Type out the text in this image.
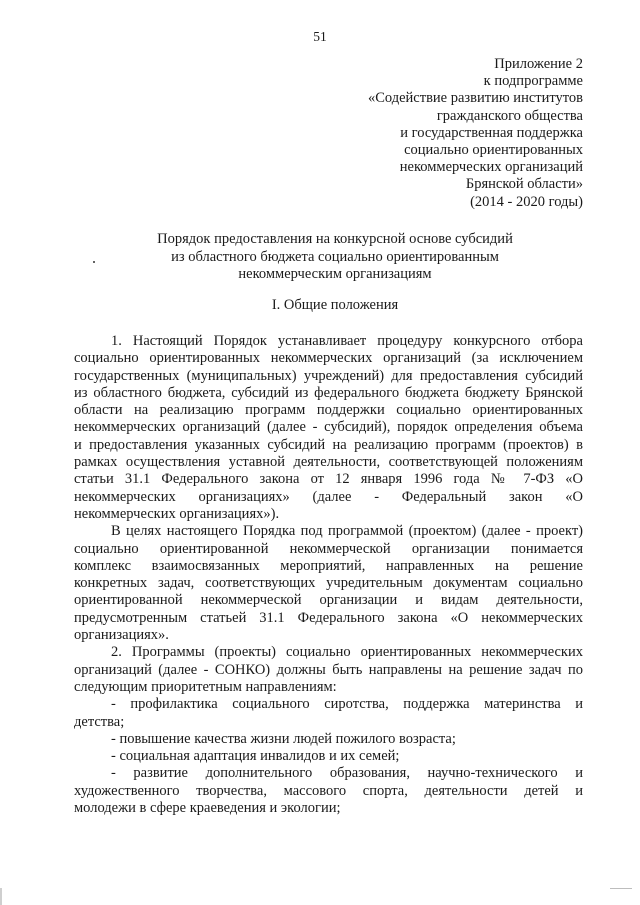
51
Приложение 2
к подпрограмме
«Содействие развитию институтов
гражданского общества
и государственная поддержка
социально ориентированных
некоммерческих организаций
Брянской области»
(2014 - 2020 годы)
Порядок предоставления на конкурсной основе субсидий
из областного бюджета социально ориентированным
некоммерческим организациям
I. Общие положения
1. Настоящий Порядок устанавливает процедуру конкурсного отбора
социально ориентированных некоммерческих организаций (за исключением
государственных (муниципальных) учреждений) для предоставления субсидий
из областного бюджета, субсидий из федерального бюджета бюджету Брянской
области на реализацию программ поддержки социально ориентированных
некоммерческих организаций (далее - субсидий), порядок определения объема
и предоставления указанных субсидий на реализацию программ (проектов) в
рамках осуществления уставной деятельности, соответствующей положениям
статьи 31.1 Федерального закона от 12 января 1996 года № 7-ФЗ «О
некоммерческих организациях» (далее - Федеральный закон «О
некоммерческих организациях»).
В целях настоящего Порядка под программой (проектом) (далее - проект)
социально ориентированной некоммерческой организации понимается
комплекс взаимосвязанных мероприятий, направленных на решение
конкретных задач, соответствующих учредительным документам социально
ориентированной некоммерческой организации и видам деятельности,
предусмотренным статьей 31.1 Федерального закона «О некоммерческих
организациях».
2. Программы (проекты) социально ориентированных некоммерческих
организаций (далее - СОНКО) должны быть направлены на решение задач по
следующим приоритетным направлениям:
- профилактика социального сиротства, поддержка материнства и
детства;
- повышение качества жизни людей пожилого возраста;
- социальная адаптация инвалидов и их семей;
- развитие дополнительного образования, научно-технического и
художественного творчества, массового спорта, деятельности детей и
молодежи в сфере краеведения и экологии;
